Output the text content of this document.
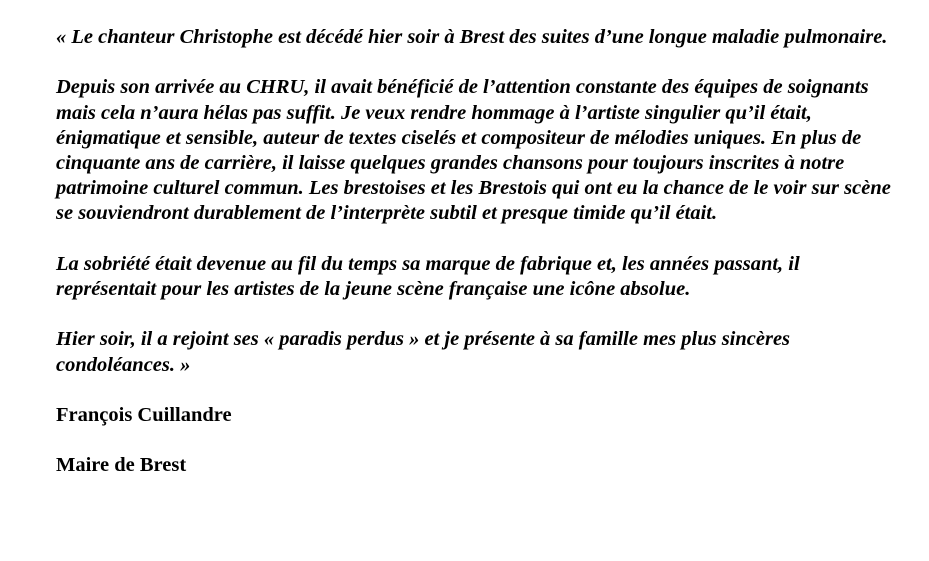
« Le chanteur Christophe est décédé hier soir à Brest des suites d’une longue maladie pulmonaire.

Depuis son arrivée au CHRU, il avait bénéficié de l’attention constante des équipes de soignants mais cela n’aura hélas pas suffit. Je veux rendre hommage à l’artiste singulier qu’il était, énigmatique et sensible, auteur de textes ciselés et compositeur de mélodies uniques. En plus de cinquante ans de carrière, il laisse quelques grandes chansons pour toujours inscrites à notre patrimoine culturel commun. Les brestoises et les Brestois qui ont eu la chance de le voir sur scène se souviendront durablement de l’interprète subtil et presque timide qu’il était.

La sobriété était devenue au fil du temps sa marque de fabrique et, les années passant, il représentait pour les artistes de la jeune scène française une icône absolue.

Hier soir, il a rejoint ses « paradis perdus » et je présente à sa famille mes plus sincères condoléances. »

François Cuillandre

Maire de Brest
